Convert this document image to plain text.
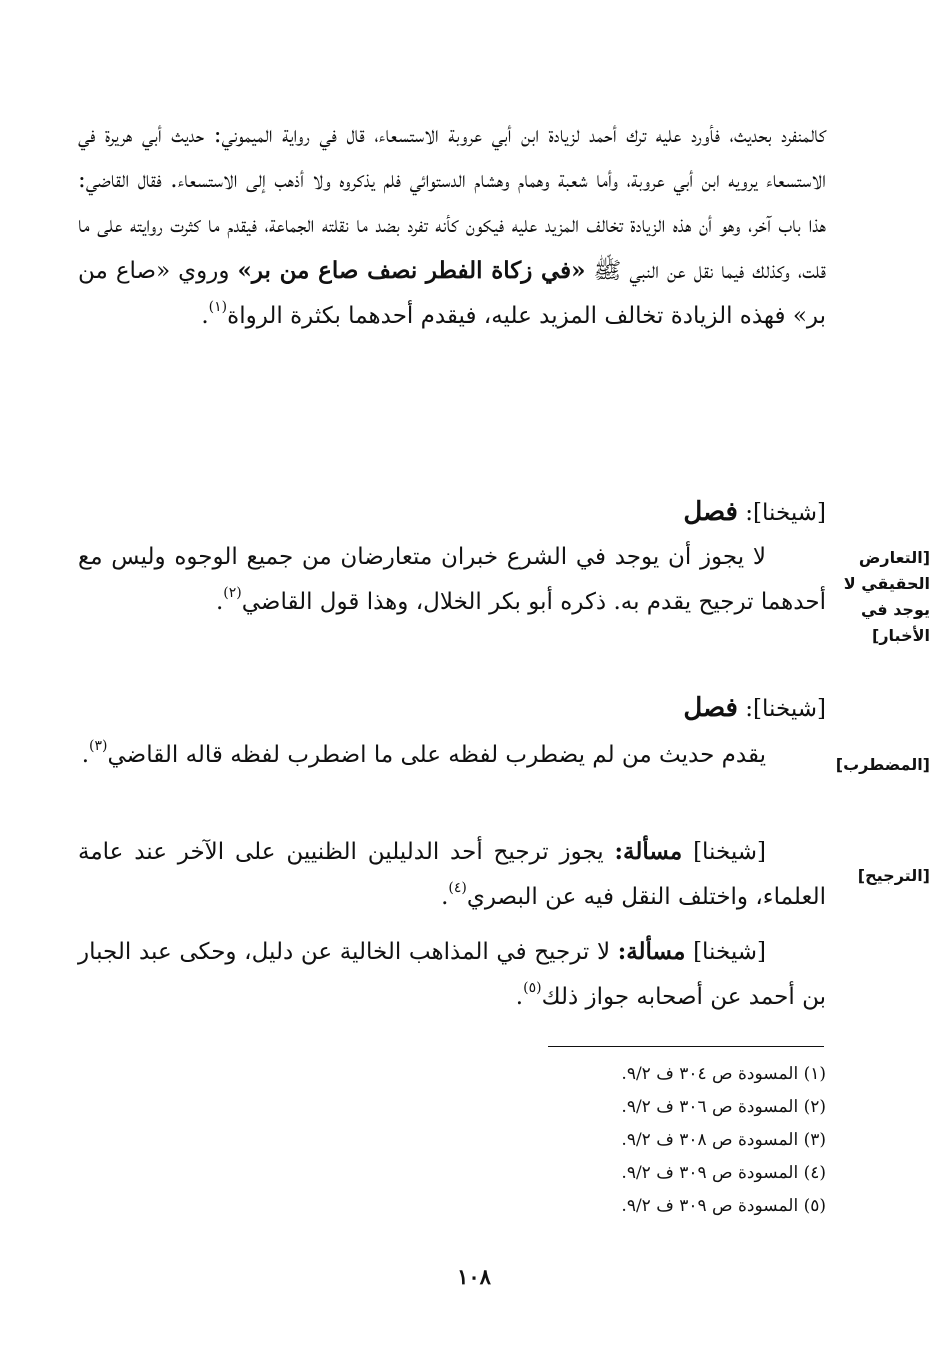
كالمنفرد بحديث، فأورد عليه ترك أحمد لزيادة ابن أبي عروبة الاستسعاء، قال في رواية الميموني: حديث أبي هريرة في الاستسعاء يرويه ابن أبي عروبة، وأما شعبة وهمام وهشام الدستوائي فلم يذكروه ولا أذهب إلى الاستسعاء. فقال القاضي: هذا باب آخر، وهو أن هذه الزيادة تخالف المزيد عليه فيكون كأنه تفرد بضد ما نقلته الجماعة، فيقدم ما كثرت روايته على ما قلت، وكذلك فيما نقل عن النبي ﷺ «في زكاة الفطر نصف صاع من بر» وروي «صاع من بر» فهذه الزيادة تخالف المزيد عليه، فيقدم أحدهما بكثرة الرواة$^{(١)}$.
[شيخنا]: فصل
[التعارض الحقيقي لا يوجد في الأخبار]
لا يجوز أن يوجد في الشرع خبران متعارضان من جميع الوجوه وليس مع أحدهما ترجيح يقدم به. ذكره أبو بكر الخلال، وهذا قول القاضي$^{(٢)}$.
[شيخنا]: فصل
[المضطرب]
يقدم حديث من لم يضطرب لفظه على ما اضطرب لفظه قاله القاضي$^{(٣)}$.
[الترجيح]
[شيخنا] مسألة: يجوز ترجيح أحد الدليلين الظنيين على الآخر عند عامة العلماء، واختلف النقل فيه عن البصري$^{(٤)}$.
[شيخنا] مسألة: لا ترجيح في المذاهب الخالية عن دليل، وحكى عبد الجبار بن أحمد عن أصحابه جواز ذلك$^{(٥)}$.
(١) المسودة ص ٣٠٤ ف ٩/٢.
(٢) المسودة ص ٣٠٦ ف ٩/٢.
(٣) المسودة ص ٣٠٨ ف ٩/٢.
(٤) المسودة ص ٣٠٩ ف ٩/٢.
(٥) المسودة ص ٣٠٩ ف ٩/٢.
١٠٨
